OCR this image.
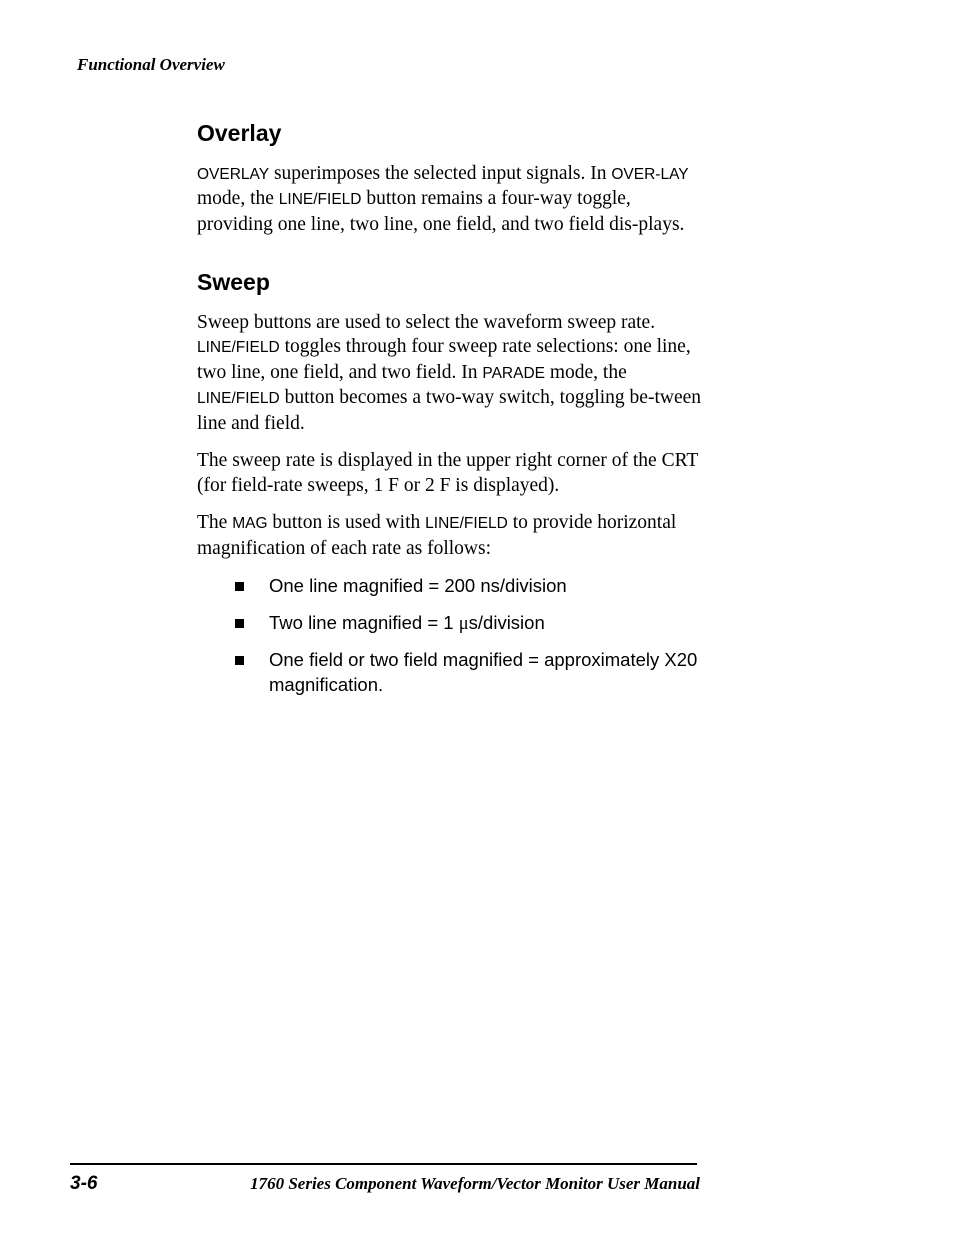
Functional Overview
Overlay

OVERLAY superimposes the selected input signals. In OVER-LAY mode, the LINE/FIELD button remains a four-way toggle, providing one line, two line, one field, and two field dis-plays.

Sweep

Sweep buttons are used to select the waveform sweep rate. LINE/FIELD toggles through four sweep rate selections: one line, two line, one field, and two field. In PARADE mode, the LINE/FIELD button becomes a two-way switch, toggling be-tween line and field.

The sweep rate is displayed in the upper right corner of the CRT (for field-rate sweeps, 1 F or 2 F is displayed).

The MAG button is used with LINE/FIELD to provide horizontal magnification of each rate as follows:

One line magnified = 200 ns/division
Two line magnified = 1 μs/division
One field or two field magnified = approximately X20 magnification.
3-6	1760 Series Component Waveform/Vector Monitor User Manual
